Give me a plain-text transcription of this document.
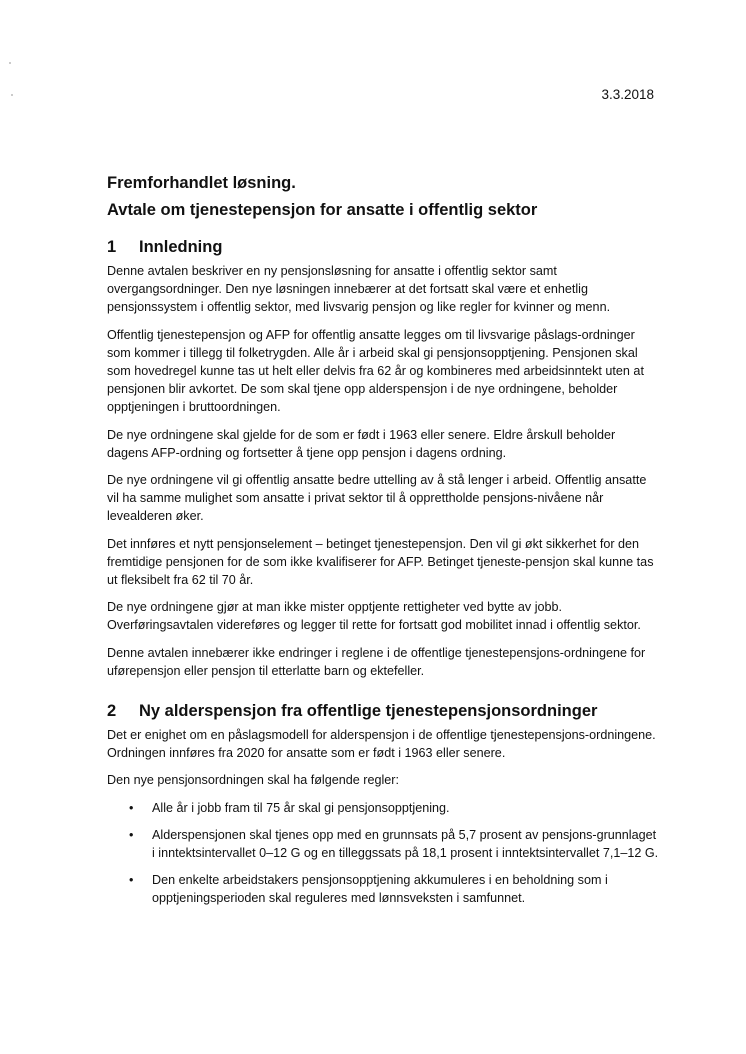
3.3.2018

Fremforhandlet løsning.

Avtale om tjenestepensjon for ansatte i offentlig sektor

1	Innledning

Denne avtalen beskriver en ny pensjonsløsning for ansatte i offentlig sektor samt overgangsordninger. Den nye løsningen innebærer at det fortsatt skal være et enhetlig pensjonssystem i offentlig sektor, med livsvarig pensjon og like regler for kvinner og menn.

Offentlig tjenestepensjon og AFP for offentlig ansatte legges om til livsvarige påslags-ordninger som kommer i tillegg til folketrygden. Alle år i arbeid skal gi pensjonsopptjening. Pensjonen skal som hovedregel kunne tas ut helt eller delvis fra 62 år og kombineres med arbeidsinntekt uten at pensjonen blir avkortet. De som skal tjene opp alderspensjon i de nye ordningene, beholder opptjeningen i bruttoordningen.

De nye ordningene skal gjelde for de som er født i 1963 eller senere. Eldre årskull beholder dagens AFP-ordning og fortsetter å tjene opp pensjon i dagens ordning.

De nye ordningene vil gi offentlig ansatte bedre uttelling av å stå lenger i arbeid. Offentlig ansatte vil ha samme mulighet som ansatte i privat sektor til å opprettholde pensjons-nivåene når levealderen øker.

Det innføres et nytt pensjonselement – betinget tjenestepensjon. Den vil gi økt sikkerhet for den fremtidige pensjonen for de som ikke kvalifiserer for AFP. Betinget tjeneste-pensjon skal kunne tas ut fleksibelt fra 62 til 70 år.

De nye ordningene gjør at man ikke mister opptjente rettigheter ved bytte av jobb. Overføringsavtalen videreføres og legger til rette for fortsatt god mobilitet innad i offentlig sektor.

Denne avtalen innebærer ikke endringer i reglene i de offentlige tjenestepensjons-ordningene for uførepensjon eller pensjon til etterlatte barn og ektefeller.

2	Ny alderspensjon fra offentlige tjenestepensjonsordninger

Det er enighet om en påslagsmodell for alderspensjon i de offentlige tjenestepensjons-ordningene. Ordningen innføres fra 2020 for ansatte som er født i 1963 eller senere.

Den nye pensjonsordningen skal ha følgende regler:

• Alle år i jobb fram til 75 år skal gi pensjonsopptjening.
• Alderspensjonen skal tjenes opp med en grunnsats på 5,7 prosent av pensjons-grunnlaget i inntektsintervallet 0–12 G og en tilleggssats på 18,1 prosent i inntektsintervallet 7,1–12 G.
• Den enkelte arbeidstakers pensjonsopptjening akkumuleres i en beholdning som i opptjeningsperioden skal reguleres med lønnsveksten i samfunnet.
